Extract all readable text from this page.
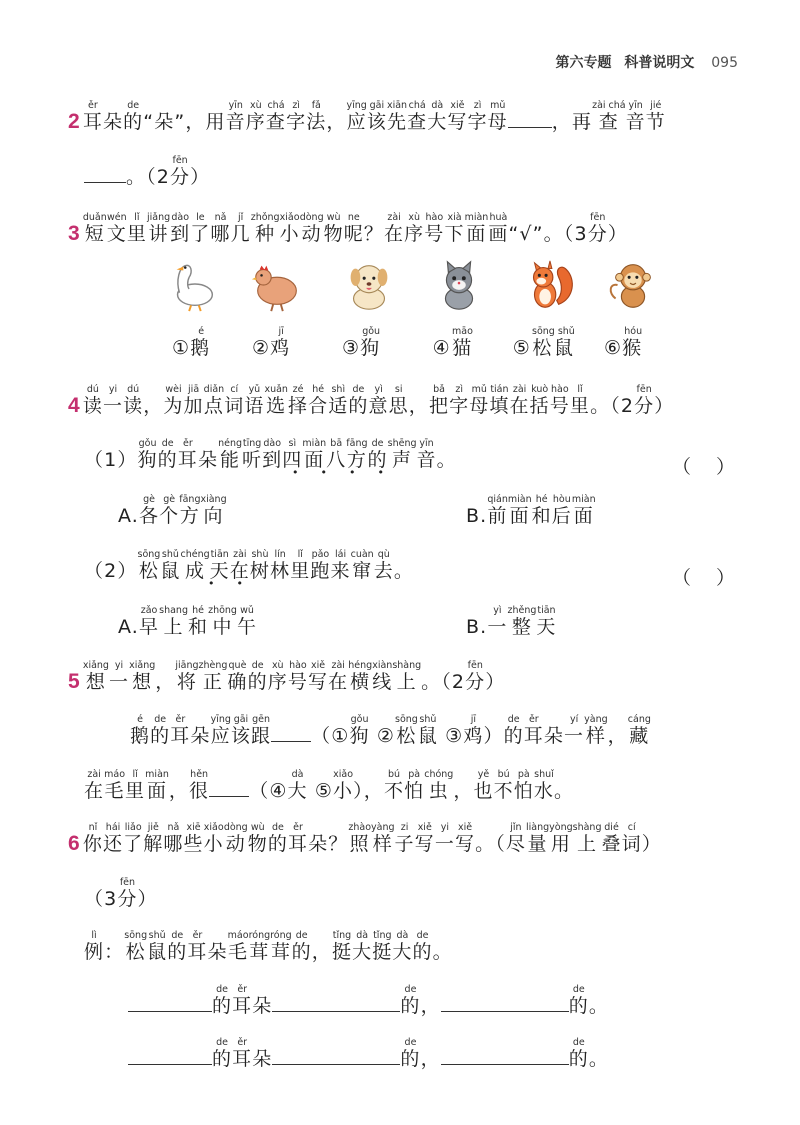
第六专题 科普说明文 095
2 耳ěr朵 的de“朵”， 用 音yīn序xù查chá字zì法fǎ， 应yīng该gāi先xiān查chá大dà写xiě字zì母mǔ， 再 查zài chá音yīn节jié
。（2 分fēn）
3 短duǎn文wén里lǐ讲jiǎng到dào了le哪nǎ几jǐ种zhǒng小xiǎo动dòng物wù呢ne？ 在zài序xù号hào下xià面miàn画huà“√”。（3 分fēn）
①鹅é
②鸡jī
③狗gǒu
④猫māo
⑤松鼠sōng shǔ
⑥猴hóu
4 读dú一yi读dú， 为wèi加jiā点diǎn词cí语yǔ选xuǎn择zé合hé适shì的de意yì思si， 把bǎ字zì母mǔ填tián在zài括kuò号hào里lǐ。（2 分fēn）
（1） 狗gǒu的de耳ěr朵 能néng听tīng到dào四sì面miàn八bā方fāng的de声shēng音yīn。
••••	（ ）
A. 各gè个gè方fāng向xiàng
B. 前qián面miàn和hé后hòu面miàn
（2） 松sōng鼠shǔ成chéng天tiān在zài树shù林lín里lǐ跑pǎo来lái窜cuàn去qù。
••	（ ）
A. 早zǎo上shang和hé中zhōng午wǔ
B. 一yì整zhěng天tiān
5 想xiǎng一yi想xiǎng， 将jiāng正zhèng确què的de序xù号hào写xiě在zài横héng线xiàn上shàng。（2 分fēn）
鹅é的de耳ěr朵 应yīng该gāi跟gēn（① 狗gǒu ② 松sōng鼠shǔ ③ 鸡jī） 的de耳ěr朵 一yí样yàng， 藏cáng
在zài毛máo里lǐ面miàn， 很hěn（④ 大dà ⑤ 小xiǎo）， 不bú怕pà虫chóng， 也yě不bú怕pà水shuǐ。
6 你nǐ还hái了liǎo解jiě哪nǎ些xiē小xiǎo动dòng物wù的de耳ěr朵 ？ 照zhào样yàng子zi写xiě一yi写xiě。（ 尽jǐn量liàng用yòng上shàng叠dié词cí）
（3 分fēn）
例lì： 松sōng鼠shǔ的de耳ěr朵 毛máo茸róng茸róng的de， 挺tǐng大dà挺tǐng大dà的de。
的de耳ěr朵	的de，	的de。
的de耳ěr朵	的de，	的de。
